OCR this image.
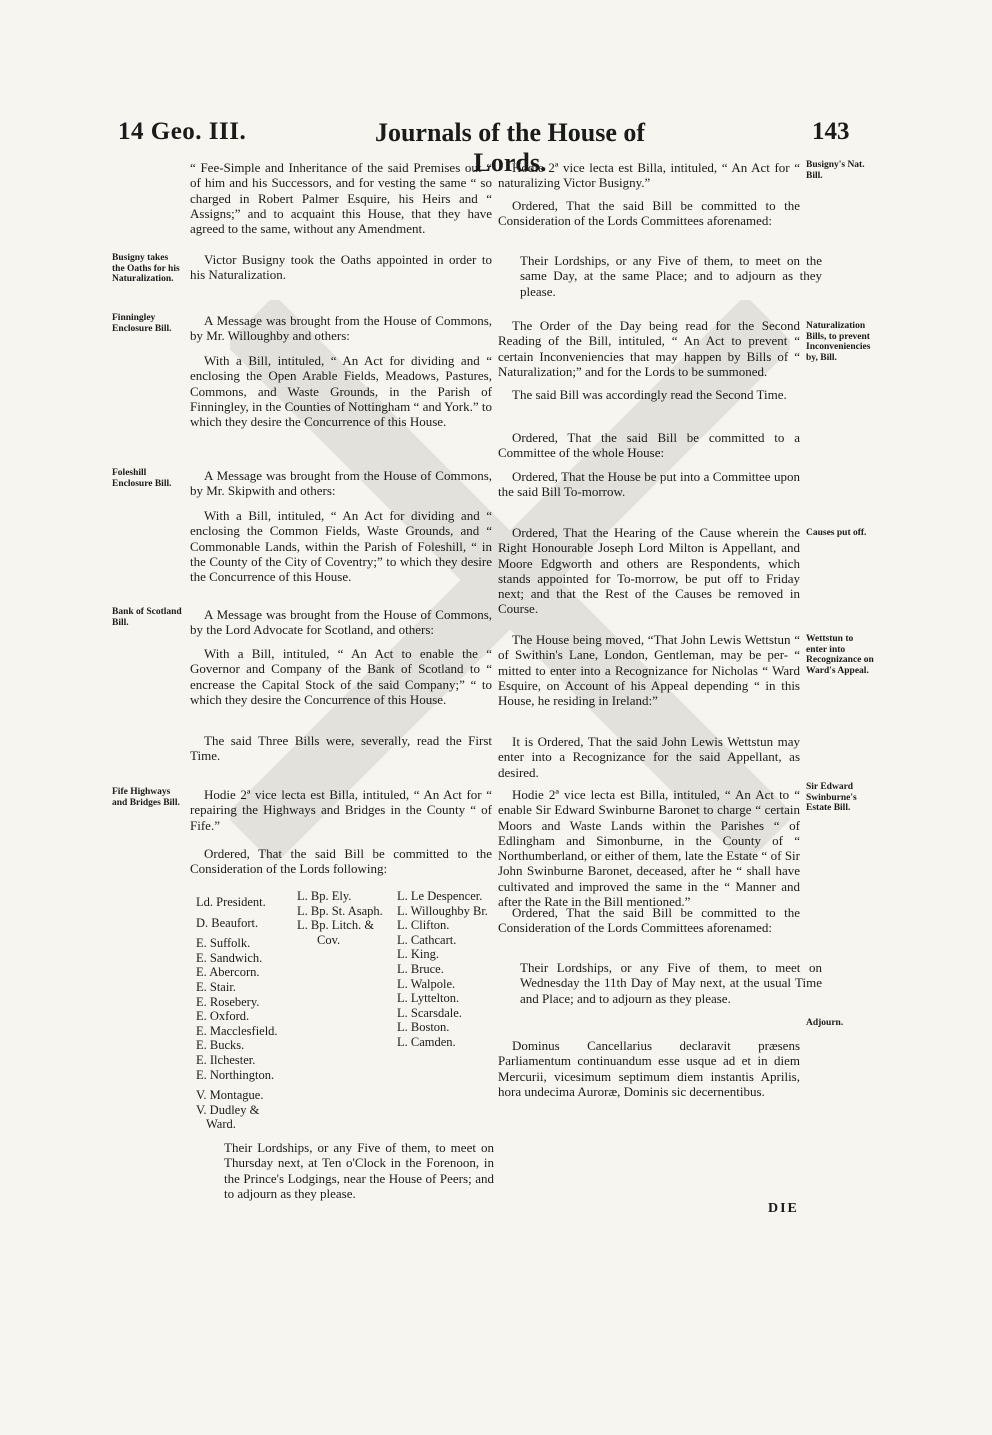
14 Geo. III.	Journals of the House of Lords.
143
Busigny takes the Oaths for his Naturalization.
Finningley Enclosure Bill.
Foleshill Enclosure Bill.
Bank of Scotland Bill.
Fife Highways and Bridges Bill.
Busigny's Nat. Bill.
Naturalization Bills, to prevent Inconveniencies by, Bill.
Causes put off.
Wettstun to enter into Recognizance on Ward's Appeal.
Sir Edward Swinburne's Estate Bill.
Adjourn.

“ Fee-Simple and Inheritance of the said Premises out “ of him and his Successors, and for vesting the same “ so charged in Robert Palmer Esquire, his Heirs and “ Assigns;” and to acquaint this House, that they have agreed to the same, without any Amendment.

Victor Busigny took the Oaths appointed in order to his Naturalization.

A Message was brought from the House of Commons, by Mr. Willoughby and others:

With a Bill, intituled, “ An Act for dividing and “ enclosing the Open Arable Fields, Meadows, Pastures, Commons, and Waste Grounds, in the Parish of Finningley, in the Counties of Nottingham “ and York.” to which they desire the Concurrence of this House.

A Message was brought from the House of Commons, by Mr. Skipwith and others:

With a Bill, intituled, “ An Act for dividing and “ enclosing the Common Fields, Waste Grounds, and “ Commonable Lands, within the Parish of Foleshill, “ in the County of the City of Coventry;” to which they desire the Concurrence of this House.

A Message was brought from the House of Commons, by the Lord Advocate for Scotland, and others:

With a Bill, intituled, “ An Act to enable the “ Governor and Company of the Bank of Scotland to “ encrease the Capital Stock of the said Company;” “ to which they desire the Concurrence of this House.

The said Three Bills were, severally, read the First Time.

Hodie 2ª vice lecta est Billa, intituled, “ An Act for “ repairing the Highways and Bridges in the County “ of Fife.”

Ordered, That the said Bill be committed to the Consideration of the Lords following:

Ld. President.
D. Beaufort.
E. Suffolk.
E. Sandwich.
E. Abercorn.
E. Stair.
E. Rosebery.
E. Oxford.
E. Macclesfield.
E. Bucks.
E. Ilchester.
E. Northington.
V. Montague.
V. Dudley &
Ward.
L. Bp. Ely.
L. Bp. St. Asaph.
L. Bp. Litch. &
Cov.
L. Le Despencer.
L. Willoughby Br.
L. Clifton.
L. Cathcart.
L. King.
L. Bruce.
L. Walpole.
L. Lyttelton.
L. Scarsdale.
L. Boston.
L. Camden.

Their Lordships, or any Five of them, to meet on Thursday next, at Ten o'Clock in the Forenoon, in the Prince's Lodgings, near the House of Peers; and to adjourn as they please.

Hodie 2ª vice lecta est Billa, intituled, “ An Act for “ naturalizing Victor Busigny.”

Ordered, That the said Bill be committed to the Consideration of the Lords Committees aforenamed:

Their Lordships, or any Five of them, to meet on the same Day, at the same Place; and to adjourn as they please.

The Order of the Day being read for the Second Reading of the Bill, intituled, “ An Act to prevent “ certain Inconveniencies that may happen by Bills of “ Naturalization;” and for the Lords to be summoned.

The said Bill was accordingly read the Second Time.

Ordered, That the said Bill be committed to a Committee of the whole House:

Ordered, That the House be put into a Committee upon the said Bill To-morrow.

Ordered, That the Hearing of the Cause wherein the Right Honourable Joseph Lord Milton is Appellant, and Moore Edgworth and others are Respondents, which stands appointed for To-morrow, be put off to Friday next; and that the Rest of the Causes be removed in Course.

The House being moved, “That John Lewis Wettstun “ of Swithin's Lane, London, Gentleman, may be per- “ mitted to enter into a Recognizance for Nicholas “ Ward Esquire, on Account of his Appeal depending “ in this House, he residing in Ireland:”

It is Ordered, That the said John Lewis Wettstun may enter into a Recognizance for the said Appellant, as desired.

Hodie 2ª vice lecta est Billa, intituled, “ An Act to “ enable Sir Edward Swinburne Baronet to charge “ certain Moors and Waste Lands within the Parishes “ of Edlingham and Simonburne, in the County of “ Northumberland, or either of them, late the Estate “ of Sir John Swinburne Baronet, deceased, after he “ shall have cultivated and improved the same in the “ Manner and after the Rate in the Bill mentioned.”

Ordered, That the said Bill be committed to the Consideration of the Lords Committees aforenamed:

Their Lordships, or any Five of them, to meet on Wednesday the 11th Day of May next, at the usual Time and Place; and to adjourn as they please.

Dominus Cancellarius declaravit præsens Parliamentum continuandum esse usque ad et in diem Mercurii, vicesimum septimum diem instantis Aprilis, hora undecima Auroræ, Dominis sic decernentibus.

DIE
